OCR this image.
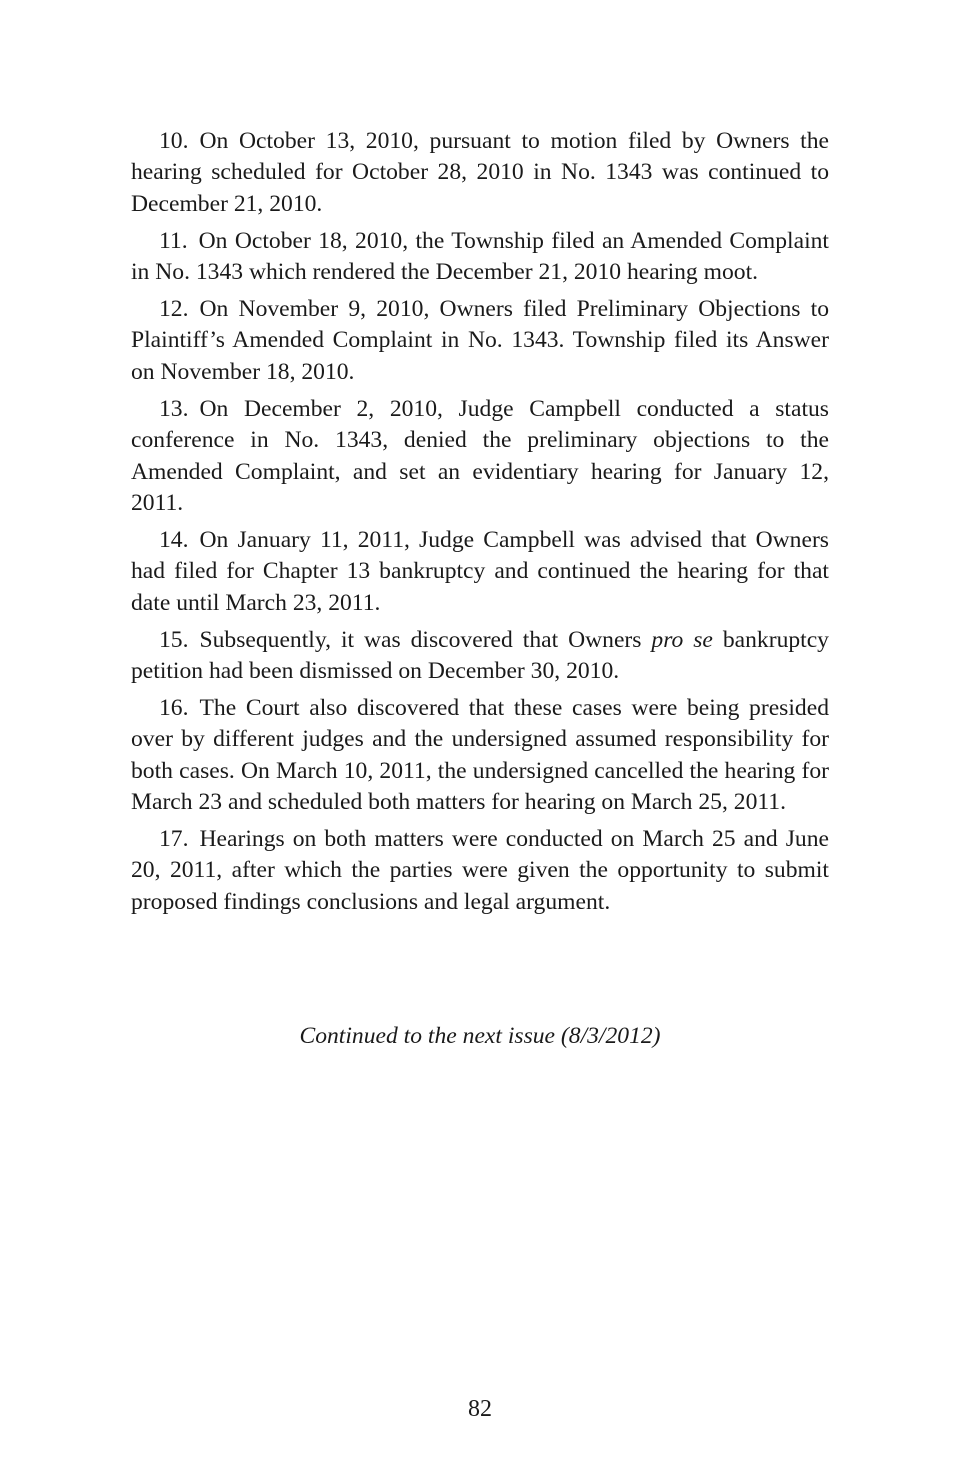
10. On October 13, 2010, pursuant to motion filed by Owners the hearing scheduled for October 28, 2010 in No. 1343 was continued to December 21, 2010.

11. On October 18, 2010, the Township filed an Amended Complaint in No. 1343 which rendered the December 21, 2010 hearing moot.

12. On November 9, 2010, Owners filed Preliminary Objections to Plaintiff’s Amended Complaint in No. 1343. Township filed its Answer on November 18, 2010.

13. On December 2, 2010, Judge Campbell conducted a status conference in No. 1343, denied the preliminary objections to the Amended Complaint, and set an evidentiary hearing for January 12, 2011.

14. On January 11, 2011, Judge Campbell was advised that Owners had filed for Chapter 13 bankruptcy and continued the hearing for that date until March 23, 2011.

15. Subsequently, it was discovered that Owners pro se bankruptcy petition had been dismissed on December 30, 2010.

16. The Court also discovered that these cases were being presided over by different judges and the undersigned assumed responsibility for both cases. On March 10, 2011, the undersigned cancelled the hearing for March 23 and scheduled both matters for hearing on March 25, 2011.

17. Hearings on both matters were conducted on March 25 and June 20, 2011, after which the parties were given the opportunity to submit proposed findings conclusions and legal argument.

Continued to the next issue (8/3/2012)
82
